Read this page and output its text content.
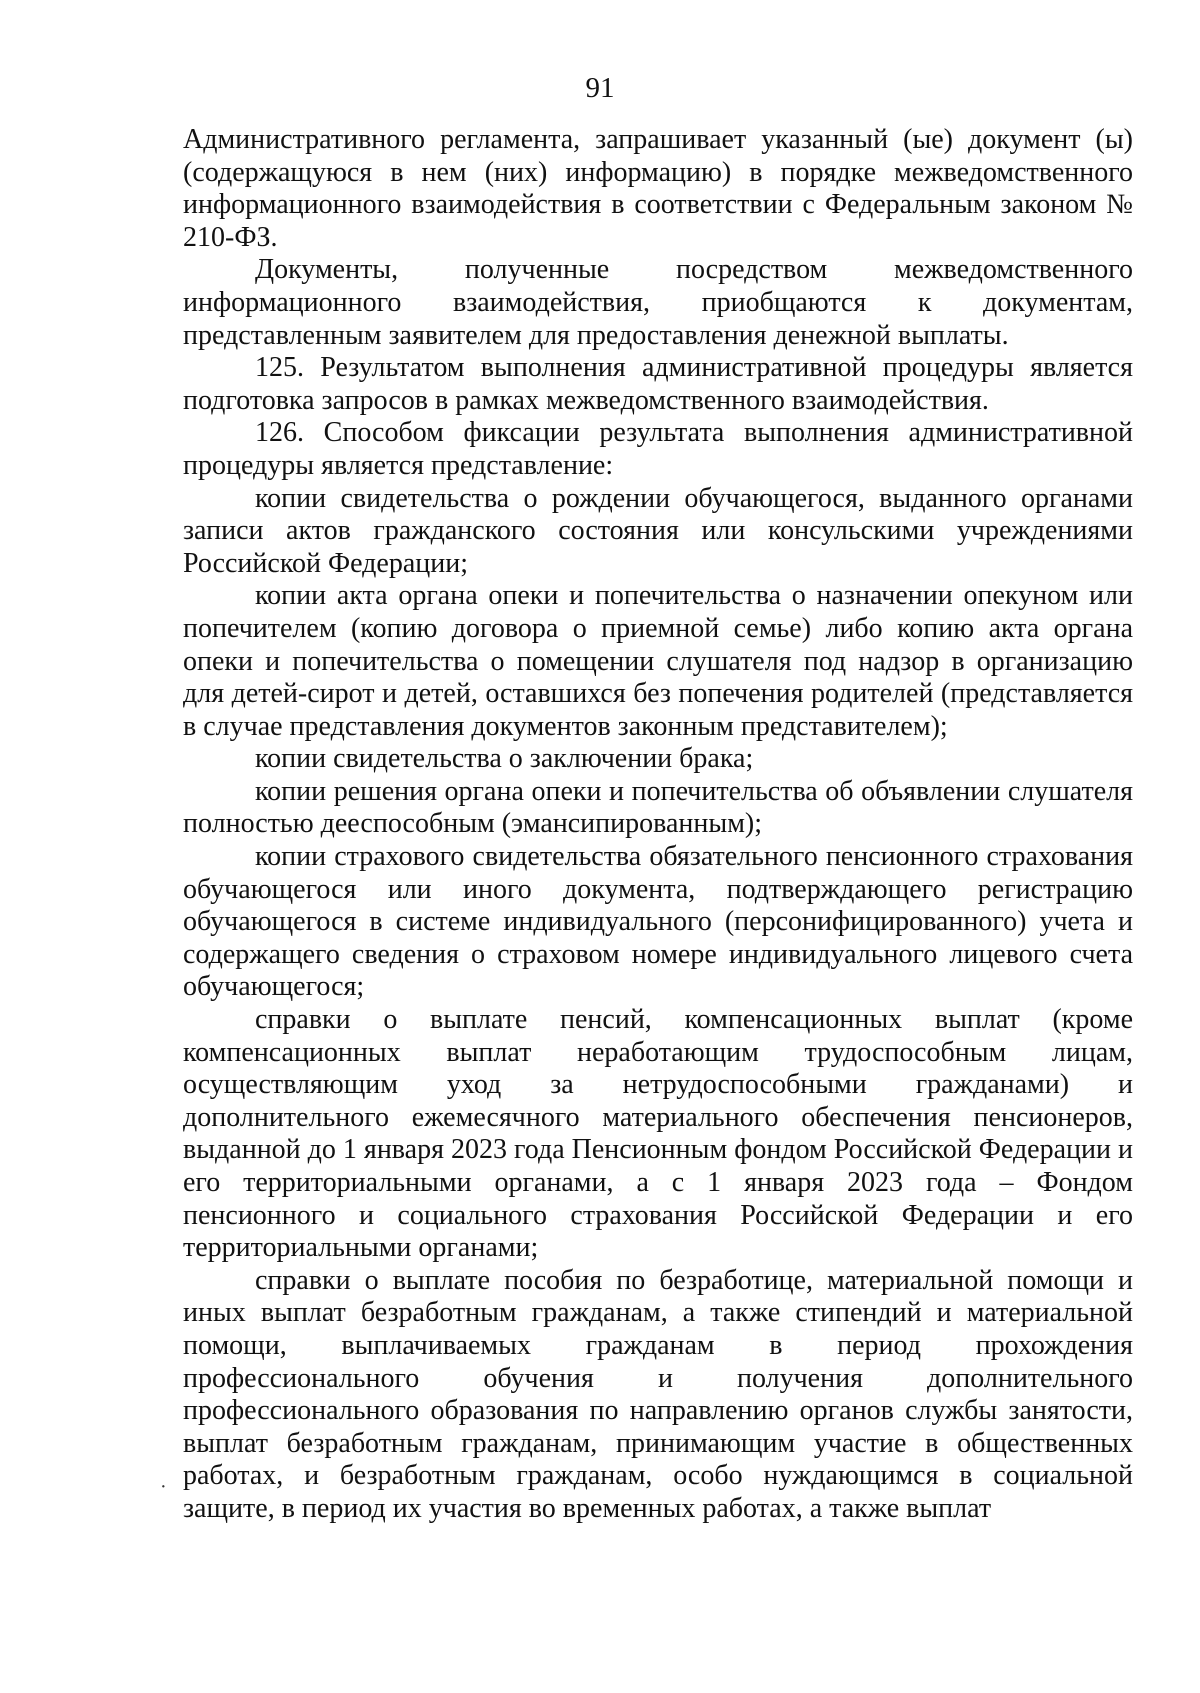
91

Административного регламента, запрашивает указанный (ые) документ (ы) (содержащуюся в нем (них) информацию) в порядке межведомственного информационного взаимодействия в соответствии с Федеральным законом № 210-ФЗ.

Документы, полученные посредством межведомственного информационного взаимодействия, приобщаются к документам, представленным заявителем для предоставления денежной выплаты.

125. Результатом выполнения административной процедуры является подготовка запросов в рамках межведомственного взаимодействия.

126. Способом фиксации результата выполнения административной процедуры является представление:

копии свидетельства о рождении обучающегося, выданного органами записи актов гражданского состояния или консульскими учреждениями Российской Федерации;

копии акта органа опеки и попечительства о назначении опекуном или попечителем (копию договора о приемной семье) либо копию акта органа опеки и попечительства о помещении слушателя под надзор в организацию для детей-сирот и детей, оставшихся без попечения родителей (представляется в случае представления документов законным представителем);

копии свидетельства о заключении брака;

копии решения органа опеки и попечительства об объявлении слушателя полностью дееспособным (эмансипированным);

копии страхового свидетельства обязательного пенсионного страхования обучающегося или иного документа, подтверждающего регистрацию обучающегося в системе индивидуального (персонифицированного) учета и содержащего сведения о страховом номере индивидуального лицевого счета обучающегося;

справки о выплате пенсий, компенсационных выплат (кроме компенсационных выплат неработающим трудоспособным лицам, осуществляющим уход за нетрудоспособными гражданами) и дополнительного ежемесячного материального обеспечения пенсионеров, выданной до 1 января 2023 года Пенсионным фондом Российской Федерации и его территориальными органами, а с 1 января 2023 года – Фондом пенсионного и социального страхования Российской Федерации и его территориальными органами;

справки о выплате пособия по безработице, материальной помощи и иных выплат безработным гражданам, а также стипендий и материальной помощи, выплачиваемых гражданам в период прохождения профессионального обучения и получения дополнительного профессионального образования по направлению органов службы занятости, выплат безработным гражданам, принимающим участие в общественных работах, и безработным гражданам, особо нуждающимся в социальной защите, в период их участия во временных работах, а также выплат

·
